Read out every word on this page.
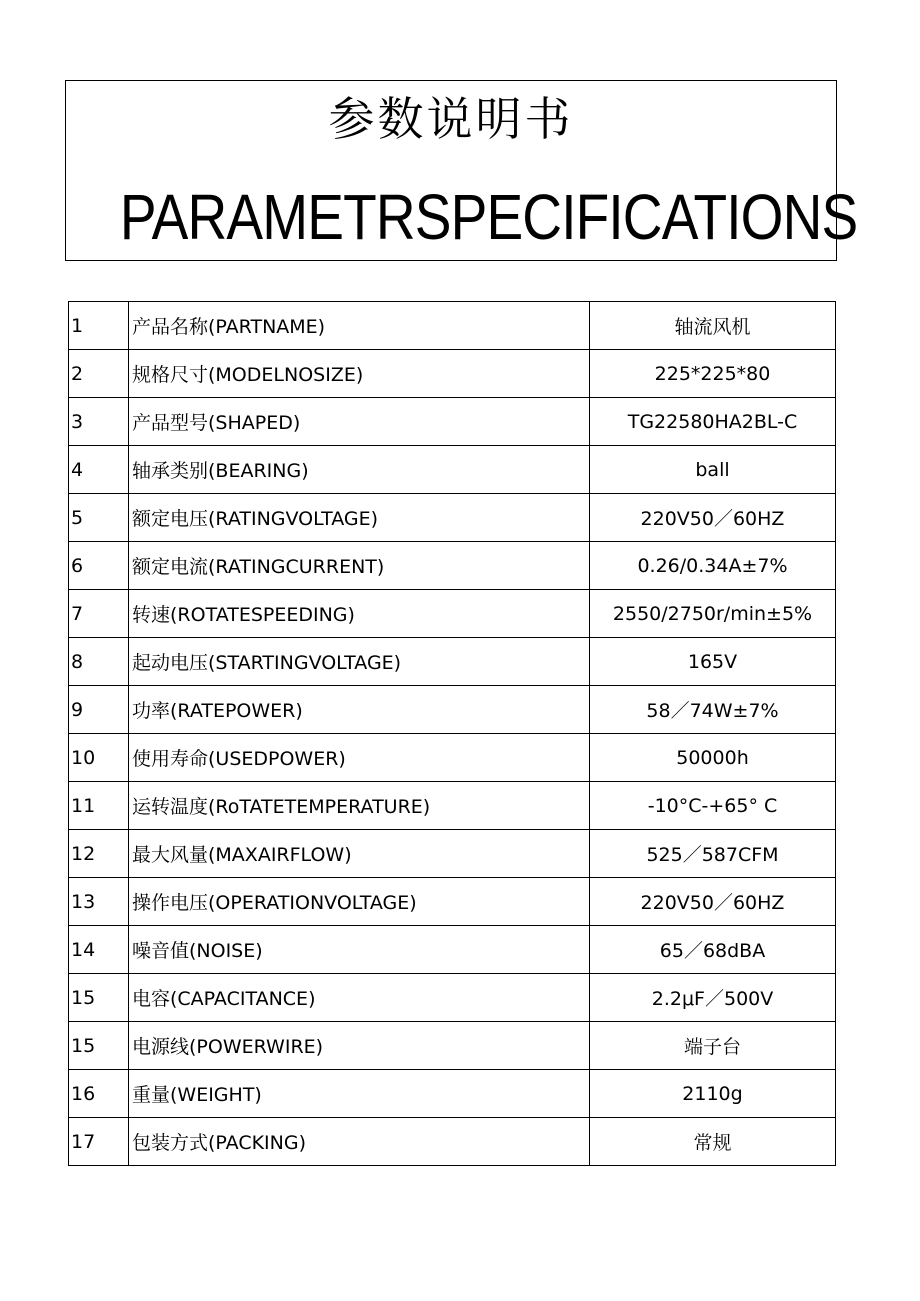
参数说明书
PARAMETRSPECIFICATIONS
1	产品名称(PARTNAME)	轴流风机
2	规格尺寸(MODELNOSIZE)	225*225*80
3	产品型号(SHAPED)	TG22580HA2BL-C
4	轴承类别(BEARING)	ball
5	额定电压(RATINGVOLTAGE)	220V50／60HZ
6	额定电流(RATINGCURRENT)	0.26/0.34A±7%
7	转速(ROTATESPEEDING)	2550/2750r/min±5%
8	起动电压(STARTINGVOLTAGE)	165V
9	功率(RATEPOWER)	58／74W±7%
10	使用寿命(USEDPOWER)	50000h
11	运转温度(RoTATETEMPERATURE)	-10°C-+65° C
12	最大风量(MAXAIRFLOW)	525／587CFM
13	操作电压(OPERATIONVOLTAGE)	220V50／60HZ
14	噪音值(NOISE)	65／68dBA
15	电容(CAPACITANCE)	2.2μF／500V
15	电源线(POWERWIRE)	端子台
16	重量(WEIGHT)	2110g
17	包装方式(PACKING)	常规
